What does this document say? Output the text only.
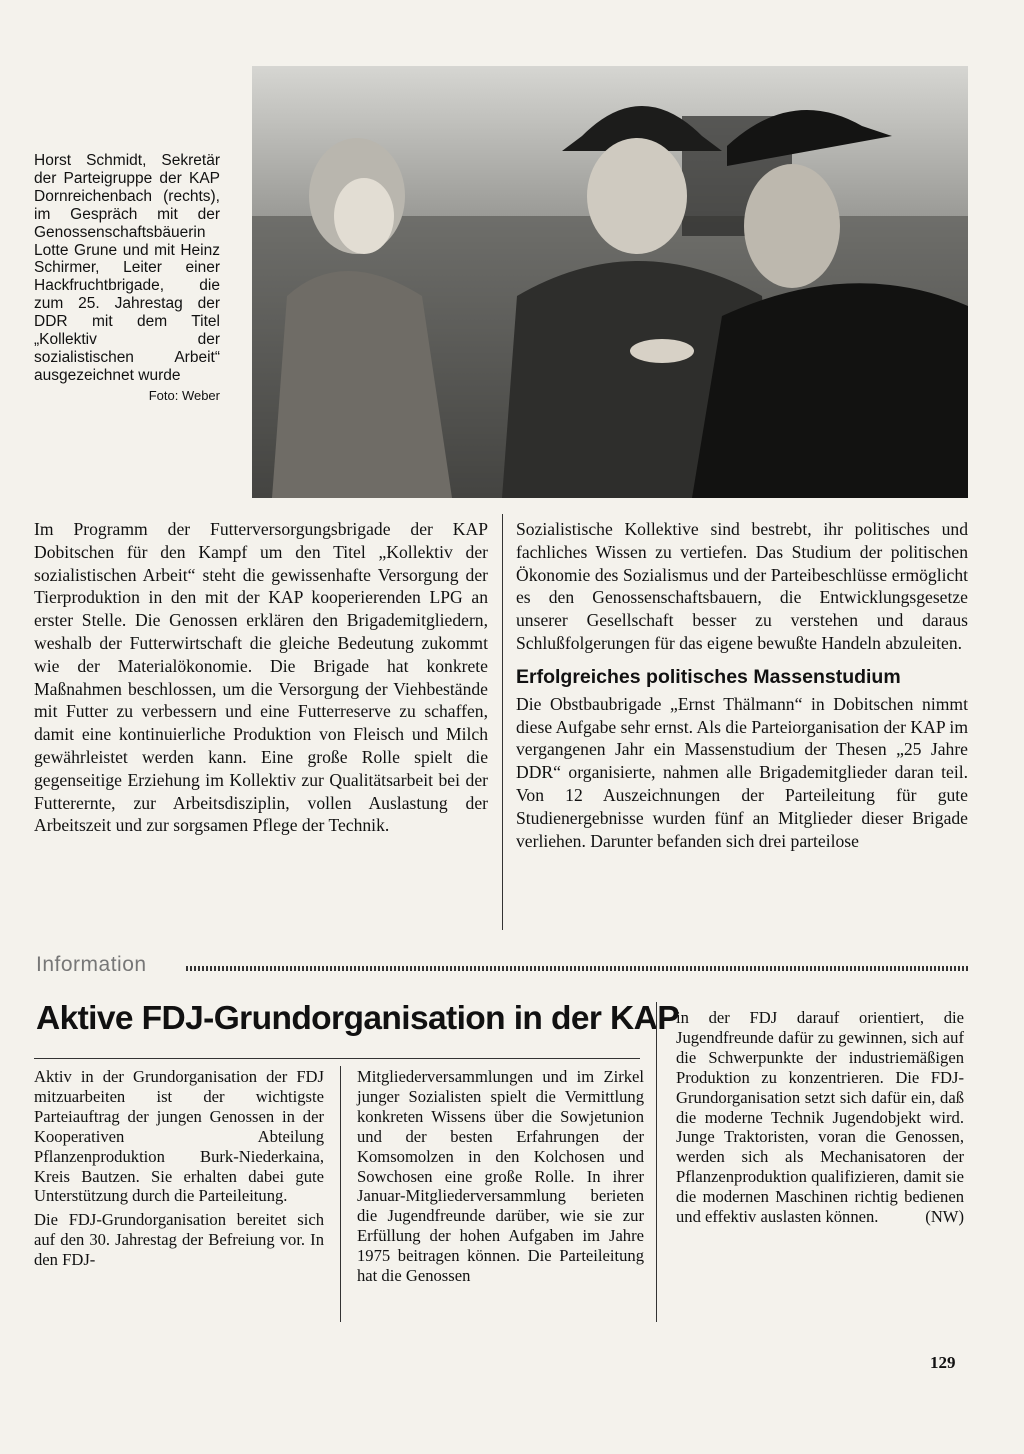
Horst Schmidt, Sekretär der Parteigruppe der KAP Dornreichenbach (rechts), im Gespräch mit der Genossenschaftsbäuerin Lotte Grune und mit Heinz Schirmer, Leiter einer Hackfruchtbrigade, die zum 25. Jahrestag der DDR mit dem Titel „Kollektiv der sozialistischen Arbeit“ ausgezeichnet wurde
Foto: Weber

Im Programm der Futterversorgungsbrigade der KAP Dobitschen für den Kampf um den Titel „Kollektiv der sozialistischen Arbeit“ steht die gewissenhafte Versorgung der Tierproduktion in den mit der KAP kooperierenden LPG an erster Stelle. Die Genossen erklären den Brigademitgliedern, weshalb der Futterwirtschaft die gleiche Bedeutung zukommt wie der Materialökonomie. Die Brigade hat konkrete Maßnahmen beschlossen, um die Versorgung der Viehbestände mit Futter zu verbessern und eine Futterreserve zu schaffen, damit eine kontinuierliche Produktion von Fleisch und Milch gewährleistet werden kann. Eine große Rolle spielt die gegenseitige Erziehung im Kollektiv zur Qualitätsarbeit bei der Futterernte, zur Arbeitsdisziplin, vollen Auslastung der Arbeitszeit und zur sorgsamen Pflege der Technik.

Sozialistische Kollektive sind bestrebt, ihr politisches und fachliches Wissen zu vertiefen. Das Studium der politischen Ökonomie des Sozialismus und der Parteibeschlüsse ermöglicht es den Genossenschaftsbauern, die Entwicklungsgesetze unserer Gesellschaft besser zu verstehen und daraus Schlußfolgerungen für das eigene bewußte Handeln abzuleiten.

Erfolgreiches politisches Massenstudium

Die Obstbaubrigade „Ernst Thälmann“ in Dobitschen nimmt diese Aufgabe sehr ernst. Als die Parteiorganisation der KAP im vergangenen Jahr ein Massenstudium der Thesen „25 Jahre DDR“ organisierte, nahmen alle Brigademitglieder daran teil. Von 12 Auszeichnungen der Parteileitung für gute Studienergebnisse wurden fünf an Mitglieder dieser Brigade verliehen. Darunter befanden sich drei parteilose

Information
Aktive FDJ-Grundorganisation in der KAP

Aktiv in der Grundorganisation der FDJ mitzuarbeiten ist der wichtigste Parteiauftrag der jungen Genossen in der Kooperativen Abteilung Pflanzenproduktion Burk-Niederkaina, Kreis Bautzen. Sie erhalten dabei gute Unterstützung durch die Parteileitung.

Die FDJ-Grundorganisation bereitet sich auf den 30. Jahrestag der Befreiung vor. In den FDJ-

Mitgliederversammlungen und im Zirkel junger Sozialisten spielt die Vermittlung konkreten Wissens über die Sowjetunion und der besten Erfahrungen der Komsomolzen in den Kolchosen und Sowchosen eine große Rolle. In ihrer Januar-Mitgliederversammlung berieten die Jugendfreunde darüber, wie sie zur Erfüllung der hohen Aufgaben im Jahre 1975 beitragen können. Die Parteileitung hat die Genossen

in der FDJ darauf orientiert, die Jugendfreunde dafür zu gewinnen, sich auf die Schwerpunkte der industriemäßigen Produktion zu konzentrieren. Die FDJ-Grundorganisation setzt sich dafür ein, daß die moderne Technik Jugendobjekt wird. Junge Traktoristen, voran die Genossen, werden sich als Mechanisatoren der Pflanzenproduktion qualifizieren, damit sie die modernen Maschinen richtig bedienen und effektiv auslasten können.	(NW)

129
